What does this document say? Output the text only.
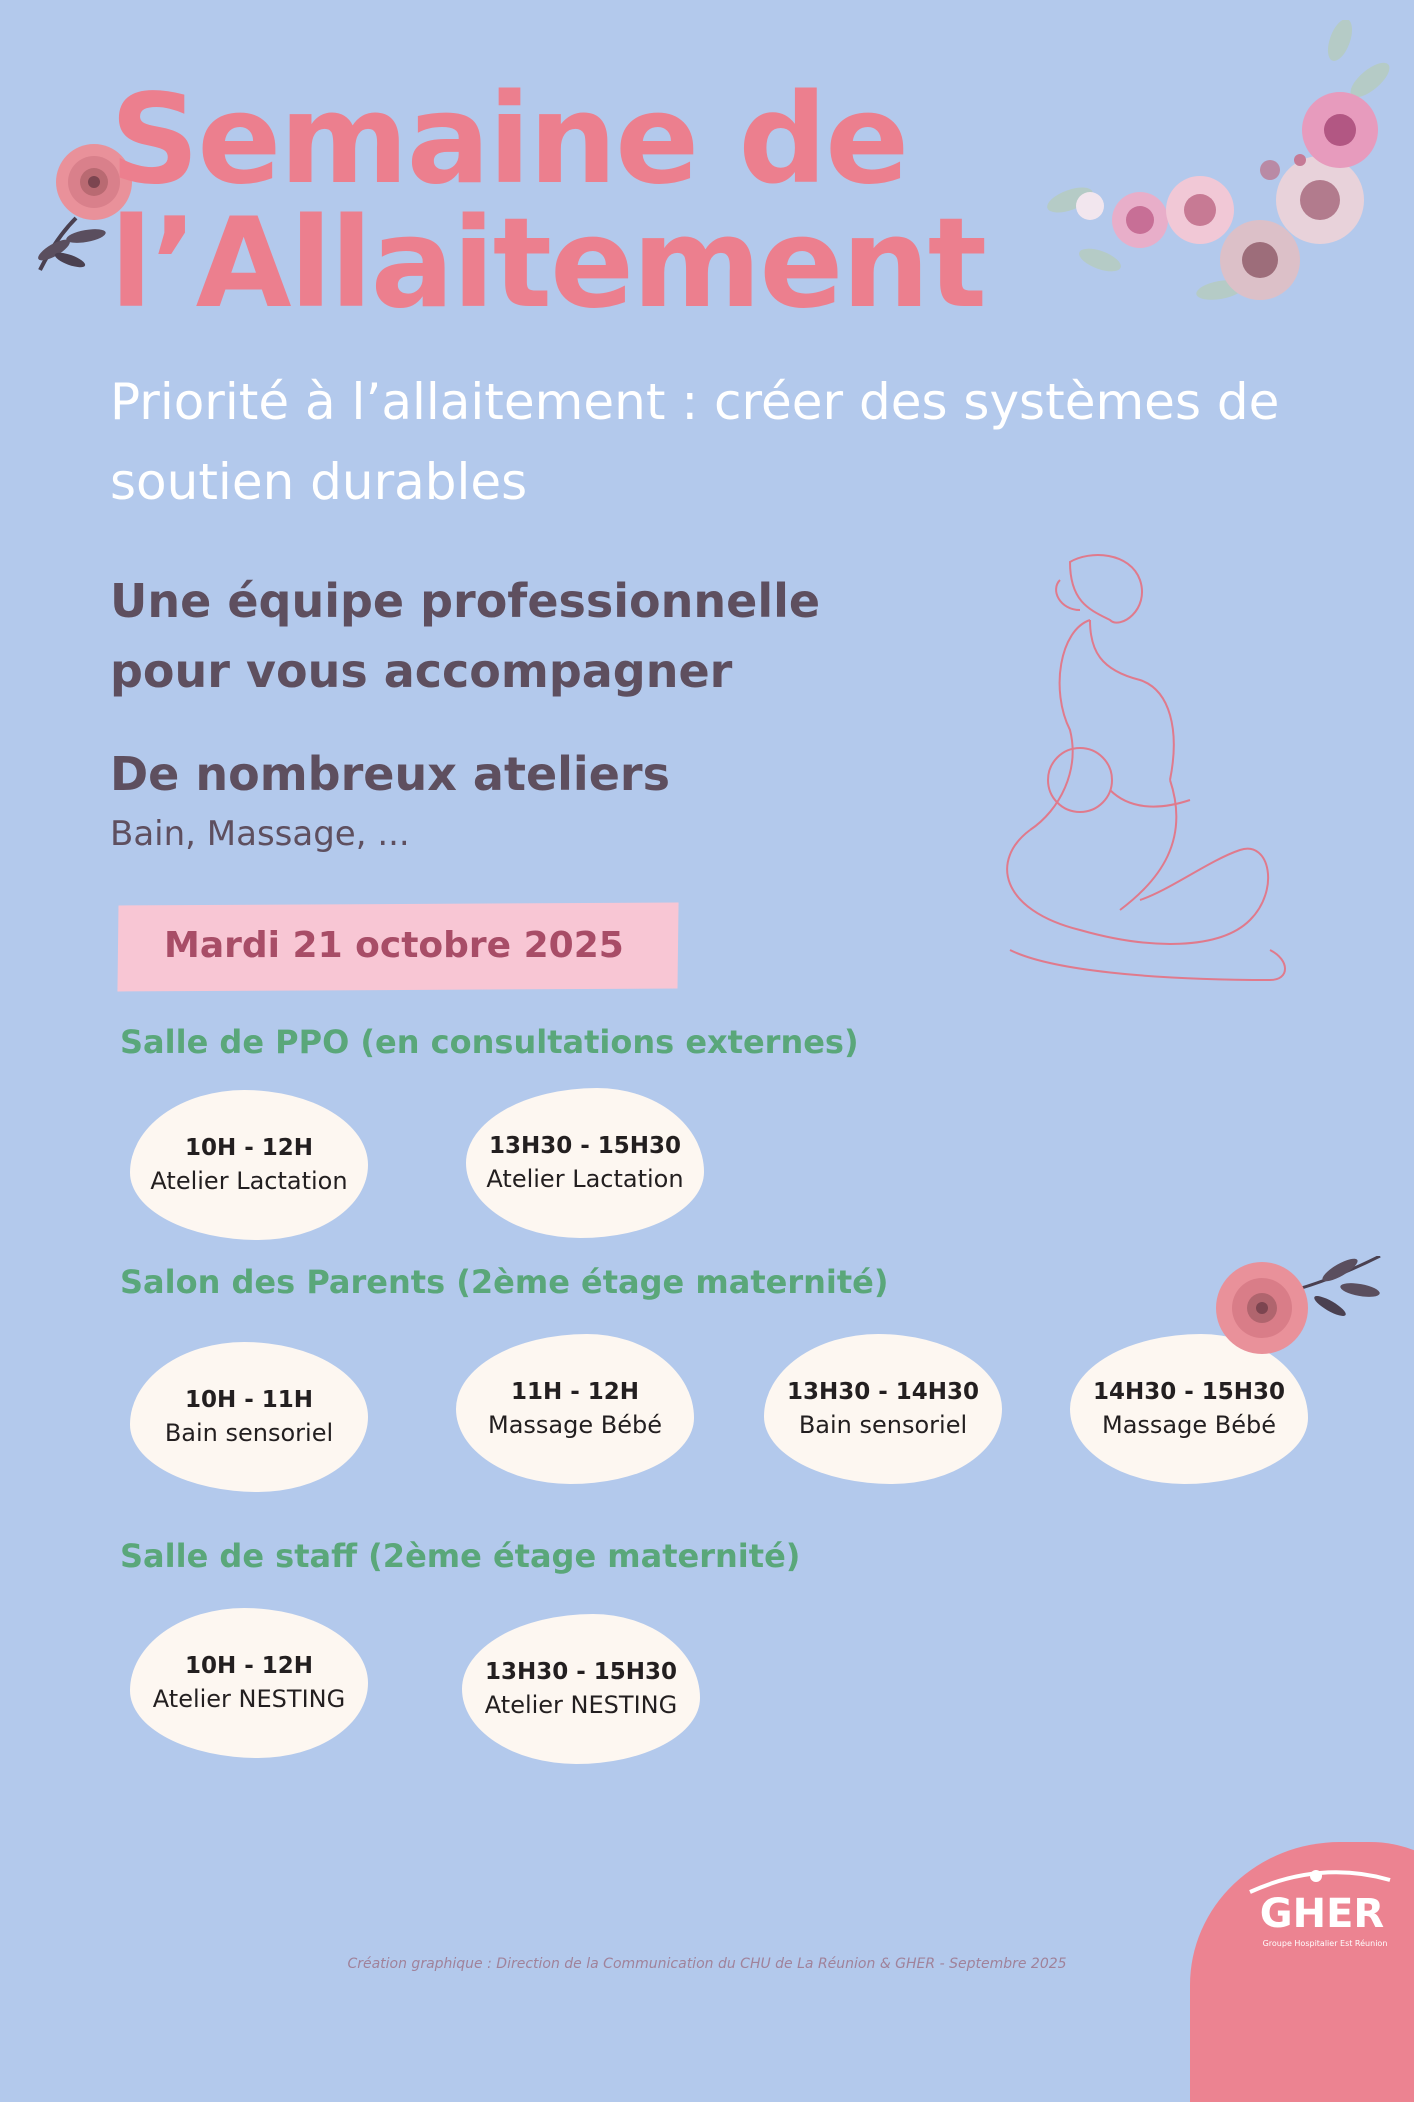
Semaine de
l’Allaitement
Priorité à l’allaitement : créer des systèmes de soutien durables
Une équipe professionnelle
pour vous accompagner
De nombreux ateliers
Bain, Massage, ...
Mardi 21 octobre 2025
Salle de PPO (en consultations externes)
10H - 12H
Atelier Lactation
13H30 - 15H30
Atelier Lactation
Salon des Parents (2ème étage maternité)
10H - 11H
Bain sensoriel
11H - 12H
Massage Bébé
13H30 - 14H30
Bain sensoriel
14H30 - 15H30
Massage Bébé
Salle de staff (2ème étage maternité)
10H - 12H
Atelier NESTING
13H30 - 15H30
Atelier NESTING
Création graphique : Direction de la Communication du CHU de La Réunion & GHER - Septembre 2025
GHER
Groupe Hospitalier Est Réunion
